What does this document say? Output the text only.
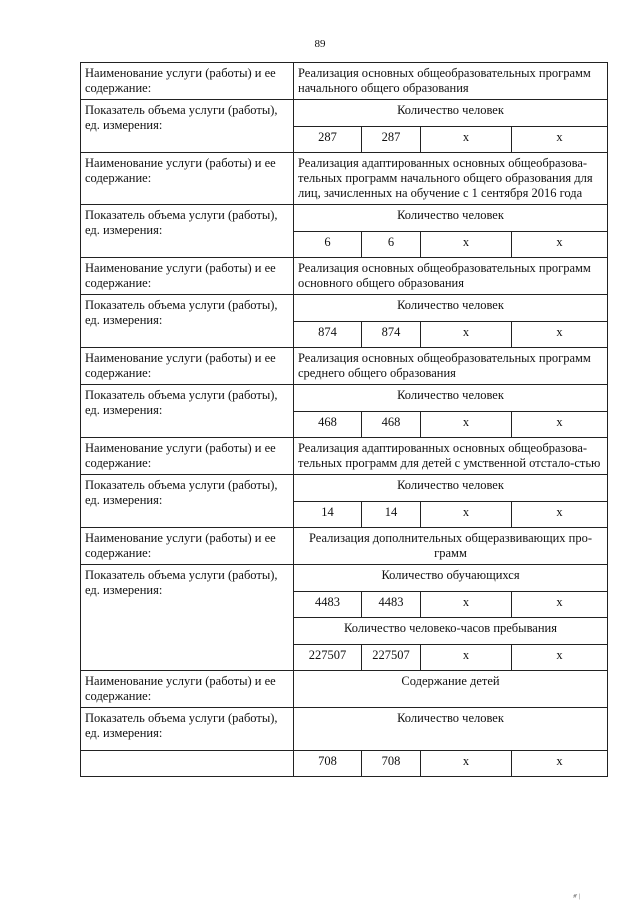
89
Наименование услуги (работы) и ее содержание:	Реализация основных общеобразовательных программ начального общего образования			
Показатель объема услуги (работы), ед. измерения:	Количество человек			
	287	287	х	х
Наименование услуги (работы) и ее содержание:	Реализация адаптированных основных общеобразова-тельных программ начального общего образования для лиц, зачисленных на обучение с 1 сентября 2016 года			
Показатель объема услуги (работы), ед. измерения:	Количество человек			
	6	6	х	х
Наименование услуги (работы) и ее содержание:	Реализация основных общеобразовательных программ основного общего образования			
Показатель объема услуги (работы), ед. измерения:	Количество человек			
	874	874	х	х
Наименование услуги (работы) и ее содержание:	Реализация основных общеобразовательных программ среднего общего образования			
Показатель объема услуги (работы), ед. измерения:	Количество человек			
	468	468	х	х
Наименование услуги (работы) и ее содержание:	Реализация адаптированных основных общеобразова-тельных программ для детей с умственной отстало-стью			
Показатель объема услуги (работы), ед. измерения:	Количество человек			
	14	14	х	х
Наименование услуги (работы) и ее содержание:	Реализация дополнительных общеразвивающих про-грамм			
Показатель объема услуги (работы), ед. измерения:	Количество обучающихся			
	4483	4483	х	х
	Количество человеко-часов пребывания			
	227507	227507	х	х
Наименование услуги (работы) и ее содержание:	Содержание детей			
Показатель объема услуги (работы), ед. измерения:	Количество человек			
	708	708	х	х
#' |
